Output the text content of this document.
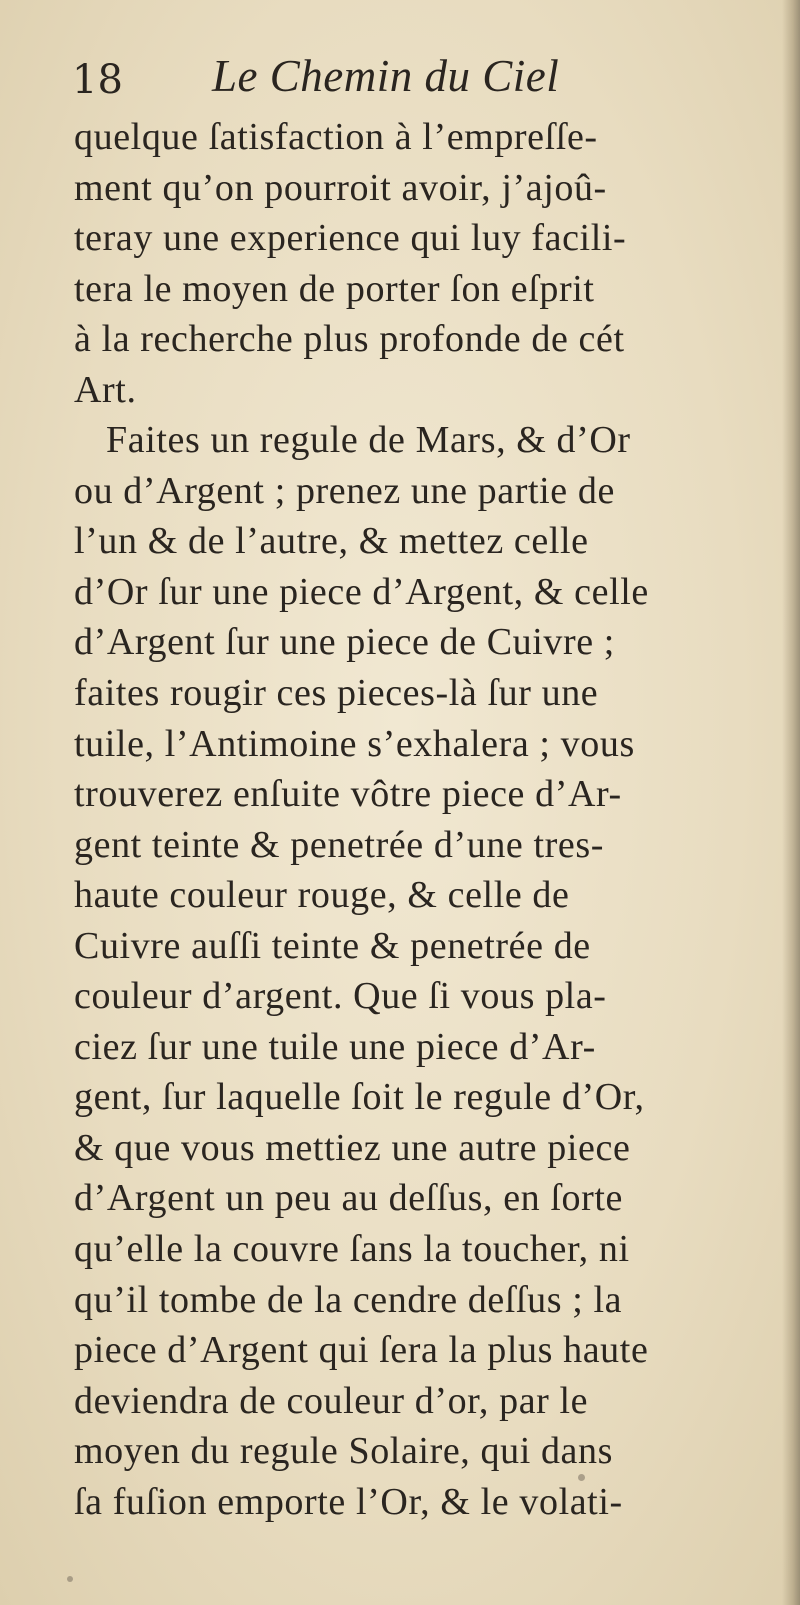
18 Le Chemin du Ciel
quelque ſatisfaction à l’empreſſe-
ment qu’on pourroit avoir, j’ajoû-
teray une experience qui luy facili-
tera le moyen de porter ſon eſprit
à la recherche plus profonde de cét
Art.
Faites un regule de Mars, & d’Or
ou d’Argent ; prenez une partie de
l’un & de l’autre, & mettez celle
d’Or ſur une piece d’Argent, & celle
d’Argent ſur une piece de Cuivre ;
faites rougir ces pieces-là ſur une
tuile, l’Antimoine s’exhalera ; vous
trouverez enſuite vôtre piece d’Ar-
gent teinte & penetrée d’une tres-
haute couleur rouge, & celle de
Cuivre auſſi teinte & penetrée de
couleur d’argent. Que ſi vous pla-
ciez ſur une tuile une piece d’Ar-
gent, ſur laquelle ſoit le regule d’Or,
& que vous mettiez une autre piece
d’Argent un peu au deſſus, en ſorte
qu’elle la couvre ſans la toucher, ni
qu’il tombe de la cendre deſſus ; la
piece d’Argent qui ſera la plus haute
deviendra de couleur d’or, par le
moyen du regule Solaire, qui dans
ſa fuſion emporte l’Or, & le volati-
